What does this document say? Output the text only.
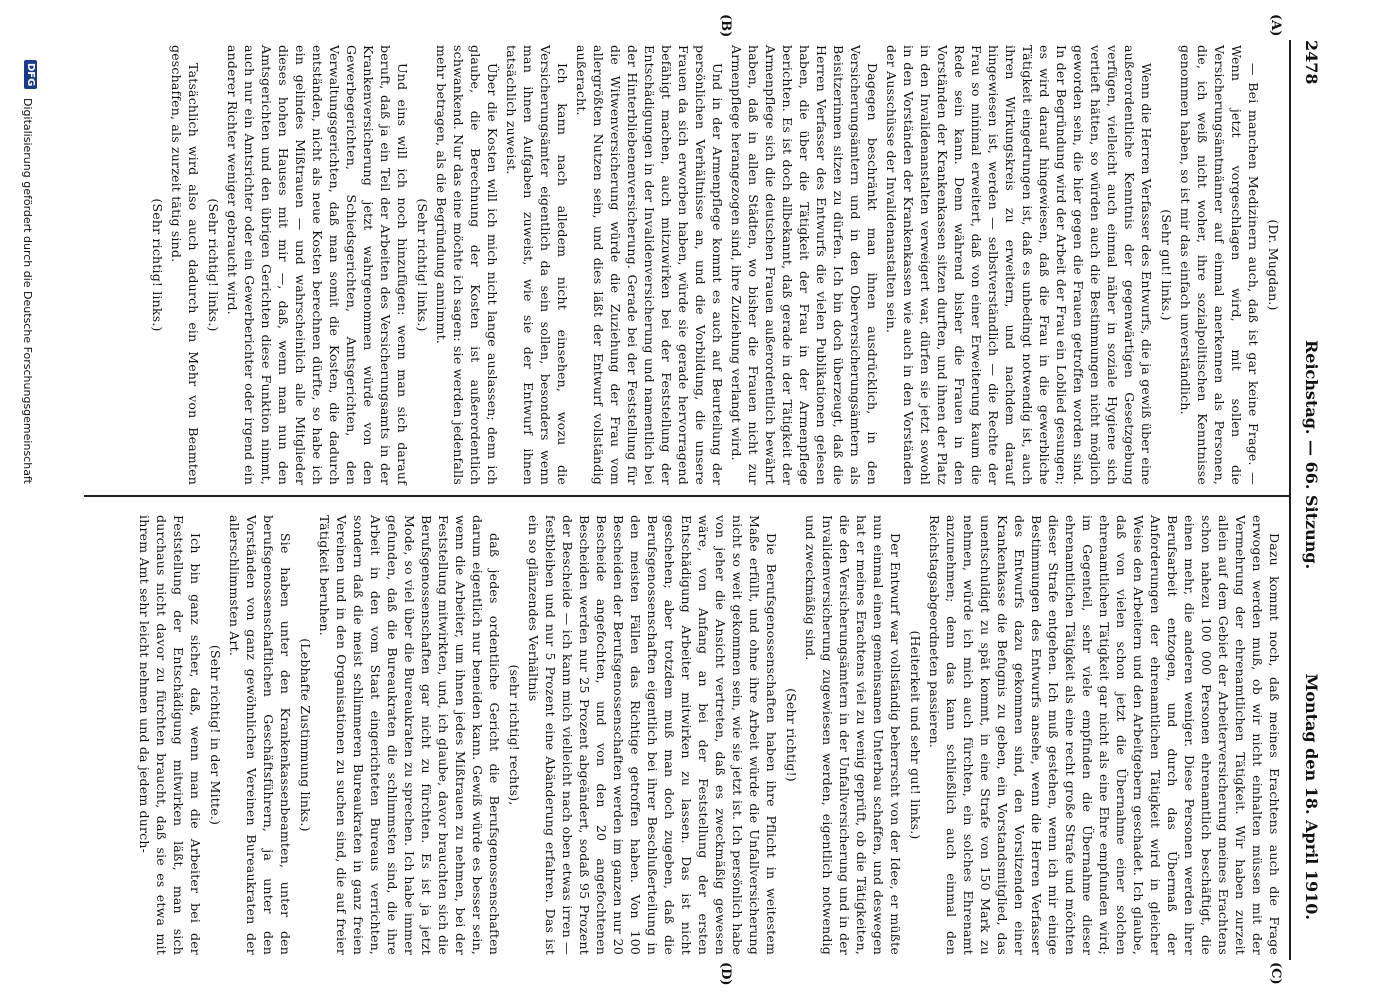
2478
Reichstag. — 66. Sitzung.
Montag den 18. April 1910.
(A)
(B)
(C)
(D)

(Dr. Mugdan.)

— Bei manchen Medizinern auch, daß ist gar keine Frage. — Wenn jetzt vorgeschlagen wird, mit sollen die Versicherungsämtmänner auf einmal anerkennen als Personen, die, ich weiß nicht woher, ihre sozialpolitischen Kenntnisse genommen haben, so ist mir das einfach unverständlich.

(Sehr gut! links.)

Wenn die Herren Verfasser des Entwurfs, die ja gewiß über eine außerordentliche Kenntnis der gegenwärtigen Gesetzgebung verfügen, vielleicht auch einmal näher in soziale Hygiene sich vertieft hätten, so würden auch die Bestimmungen nicht möglich geworden sein, die hier gegen die Frauen getroffen worden sind. In der Begründung wird der Arbeit der Frau ein Loblied gesungen; es wird darauf hingewiesen, daß die Frau in die gewerbliche Tätigkeit eingedrungen ist, daß es unbedingt notwendig ist, auch ihren Wirkungskreis zu erweitern, und nachdem darauf hingewiesen ist, werden — selbstverständlich — die Rechte der Frau so minimal erweitert, daß von einer Erweiterung kaum die Rede sein kann. Denn während bisher die Frauen in den Vorständen der Krankenkassen sitzen durften, und ihnen der Platz in den Invalidenanstalten verweigert war, dürfen sie jetzt sowohl in den Vorständen der Krankenkassen wie auch in den Vorständen der Ausschüsse der Invalidenanstalten sein.

Dagegen beschränkt man ihnen ausdrücklich, in den Versicherungsämtern und in den Oberversicherungsämtern als Beisitzerinnen sitzen zu dürfen. Ich bin doch überzeugt, daß die Herren Verfasser des Entwurfs die vielen Publikationen gelesen haben, die über die Tätigkeit der Frau in der Armenpflege berichten. Es ist doch allbekannt, daß gerade in der Tätigkeit der Armenpflege sich die deutschen Frauen außerordentlich bewährt haben, daß in allen Städten, wo bisher die Frauen nicht zur Armenpflege herangezogen sind, ihre Zuziehung verlangt wird.

Und in der Armenpflege kommt es auch auf Beurteilung der persönlichen Verhältnisse an, und die Vorbildung, die unsere Frauen da sich erworben haben, würde sie gerade hervorragend befähigt machen, auch mitzuwirken bei der Feststellung der Entschädigungen in der Invalidenversicherung und namentlich bei der Hinterbliebenenversicherung. Gerade bei der Feststellung für die Witwenversicherung würde die Zuziehung der Frau vom allergrößten Nutzen sein, und dies läßt der Entwurf vollständig außeracht.

Ich kann nach alledem nicht einsehen, wozu die Versicherungsämter eigentlich da sein sollen, besonders wenn man ihnen Aufgaben zuweist, wie sie der Entwurf ihnen tatsächlich zuweist.

Über die Kosten will ich mich nicht lange auslassen; denn ich glaube, die Berechnung der Kosten ist außerordentlich schwankend. Nur das eine möchte ich sagen: sie werden jedenfalls mehr betragen, als die Begründung annimmt.

(Sehr richtig! links.)

Und eins will ich noch hinzufügen: wenn man sich darauf beruft, daß ja ein Teil der Arbeiten des Versicherungsamts in der Krankenversicherung jetzt wahrgenommen würde von den Gewerbegerichten, Schiedsgerichten, Amtsgerichten, den Verwaltungsgerichten, daß man somit die Kosten, die dadurch entständen, nicht als neue Kosten berechnen dürfte, so habe ich ein gelindes Mißtrauen — und wahrscheinlich alle Mitglieder dieses hohen Hauses mit mir —, daß, wenn man nun den Amtsgerichten und den übrigen Gerichten diese Funktion nimmt, auch nur ein Amtsrichter oder ein Gewerberichter oder irgend ein anderer Richter weniger gebraucht wird.

(Sehr richtig! links.)

Tatsächlich wird also auch dadurch ein Mehr von Beamten geschaffen, als zurzeit tätig sind.

(Sehr richtig! links.)

Dazu kommt noch, daß meines Erachtens auch die Frage erwogen werden muß, ob wir nicht einhalten müssen mit der Vermehrung der ehrenamtlichen Tätigkeit. Wir haben zurzeit allein auf dem Gebiet der Arbeiterversicherung meines Erachtens schon nahezu 100 000 Personen ehrenamtlich beschäftigt, die einen mehr, die anderen weniger. Diese Personen werden ihrer Berufsarbeit entzogen, und durch das Übermaß der Anforderungen der ehrenamtlichen Tätigkeit wird in gleicher Weise den Arbeitern und den Arbeitgebern geschadet. Ich glaube, daß von vielen schon jetzt die Übernahme einer solchen ehrenamtlichen Tätigkeit gar nicht als eine Ehre empfunden wird; im Gegenteil, sehr viele empfinden die Übernahme dieser ehrenamtlichen Tätigkeit als eine recht große Strafe und möchten dieser Strafe entgehen. Ich muß gestehen, wenn ich mir einige Bestimmungen des Entwurfs ansehe, wenn die Herren Verfasser des Entwurfs dazu gekommen sind, den Vorsitzenden einer Krankenkasse die Befugnis zu geben, ein Vorstandsmitglied, das unentschuldigt zu spät kommt, in eine Strafe von 150 Mark zu nehmen, würde ich mich auch fürchten, ein solches Ehrenamt anzunehmen; denn das kann schließlich auch einmal den Reichstagsabgeordneten passieren.

(Heiterkeit und sehr gut! links.)

Der Entwurf war vollständig beherrscht von der Idee, er müßte nun einmal einen gemeinsamen Unterbau schaffen, und deswegen hat er meines Erachtens viel zu wenig geprüft, ob die Tätigkeiten, die den Versicherungsämtern in der Unfallversicherung und in der Invalidenversicherung zugewiesen werden, eigentlich notwendig und zweckmäßig sind.

(Sehr richtig!)

Die Berufsgenossenschaften haben ihre Pflicht in weitestem Maße erfüllt, und ohne ihre Arbeit würde die Unfallversicherung nicht so weit gekommen sein, wie sie jetzt ist. Ich persönlich habe von jeher die Ansicht vertreten, daß es zweckmäßig gewesen wäre, von Anfang an bei der Feststellung der ersten Entschädigung Arbeiter mitwirken zu lassen. Das ist nicht geschehen; aber trotzdem muß man doch zugeben, daß die Berufsgenossenschaften eigentlich bei ihrer Beschlußerteilung in den meisten Fällen das Richtige getroffen haben. Von 100 Bescheiden der Berufsgenossenschaften werden im ganzen nur 20 Bescheide angefochten, und von den 20 angefochtenen Bescheiden werden nur 25 Prozent abgeändert, sodaß 95 Prozent der Bescheide — ich kann mich vielleicht nach oben etwas irren — festbleiben und nur 5 Prozent eine Abänderung erfahren. Das ist ein so glänzendes Verhältnis

(sehr richtig! rechts),

daß jedes ordentliche Gericht die Berufsgenossenschaften darum eigentlich nur beneiden kann. Gewiß würde es besser sein, wenn die Arbeiter, um ihnen jedes Mißtrauen zu nehmen, bei der Feststellung mitwirkten, und, ich glaube, davor brauchten sich die Berufsgenossenschaften gar nicht zu fürchten. Es ist ja jetzt Mode, so viel über die Bureaukraten zu sprechen. Ich habe immer gefunden, daß die Bureaukraten die schlimmsten sind, die ihre Arbeit in den vom Staat eingerichteten Bureaus verrichten, sondern daß die meist schlimmeren Bureaukraten in ganz freien Vereinen und in den Organisationen zu suchen sind, die auf freier Tätigkeit beruhen.

(Lebhafte Zustimmung links.)

Sie haben unter den Krankenkassenbeamten, unter den berufsgenossenschaftlichen Geschäftsführern, ja unter den Vorständen von ganz gewöhnlichen Vereinen Bureaukraten der allerschlimmsten Art.

(Sehr richtig! in der Mitte.)

Ich bin ganz sicher, daß, wenn man die Arbeiter bei der Feststellung der Entschädigung mitwirken läßt, man sich durchaus nicht davor zu fürchten braucht, daß sie es etwa mit ihrem Amt sehr leicht nehmen und da jedem durch-

DFG
Digitalisierung gefördert durch die Deutsche Forschungsgemeinschaft
